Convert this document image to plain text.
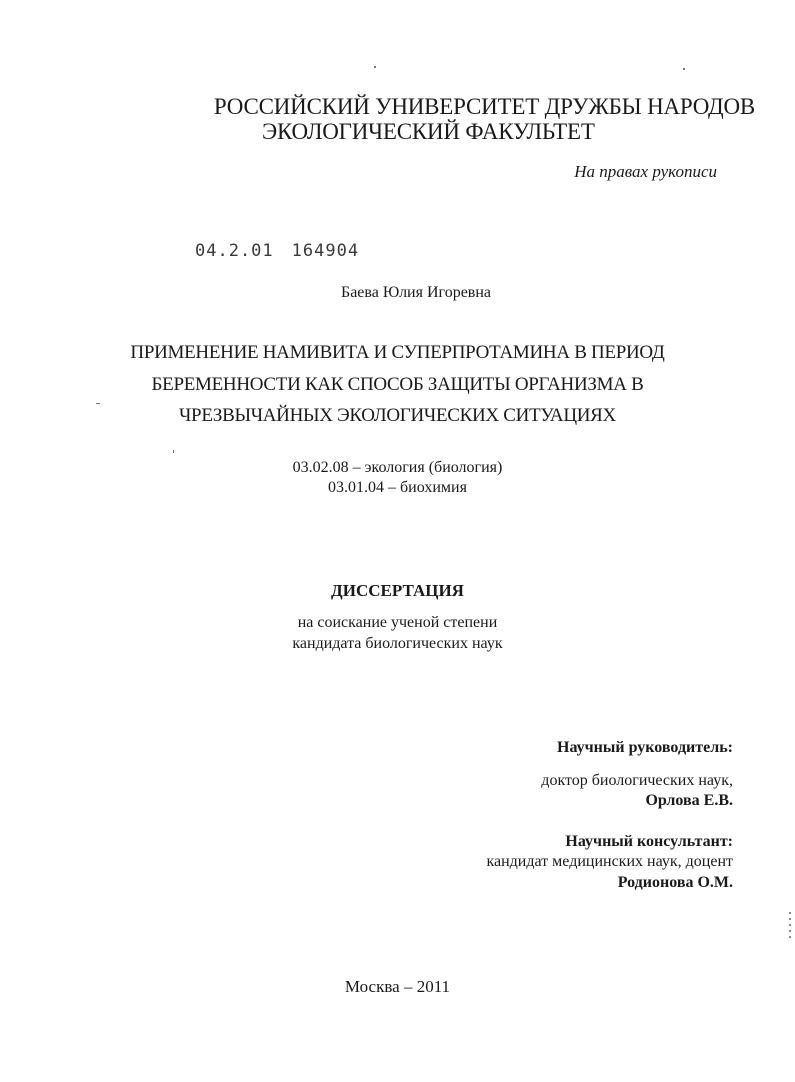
РОССИЙСКИЙ УНИВЕРСИТЕТ ДРУЖБЫ НАРОДОВ
ЭКОЛОГИЧЕСКИЙ ФАКУЛЬТЕТ
На правах рукописи
04.2.01 164904
Баева Юлия Игоревна
ПРИМЕНЕНИЕ НАМИВИТА И СУПЕРПРОТАМИНА В ПЕРИОД
БЕРЕМЕННОСТИ КАК СПОСОБ ЗАЩИТЫ ОРГАНИЗМА В
ЧРЕЗВЫЧАЙНЫХ ЭКОЛОГИЧЕСКИХ СИТУАЦИЯХ
03.02.08 – экология (биология)
03.01.04 – биохимия
ДИССЕРТАЦИЯ
на соискание ученой степени
кандидата биологических наук
Научный руководитель:
доктор биологических наук,
Орлова Е.В.
Научный консультант:
кандидат медицинских наук, доцент
Родионова О.М.
Москва – 2011
